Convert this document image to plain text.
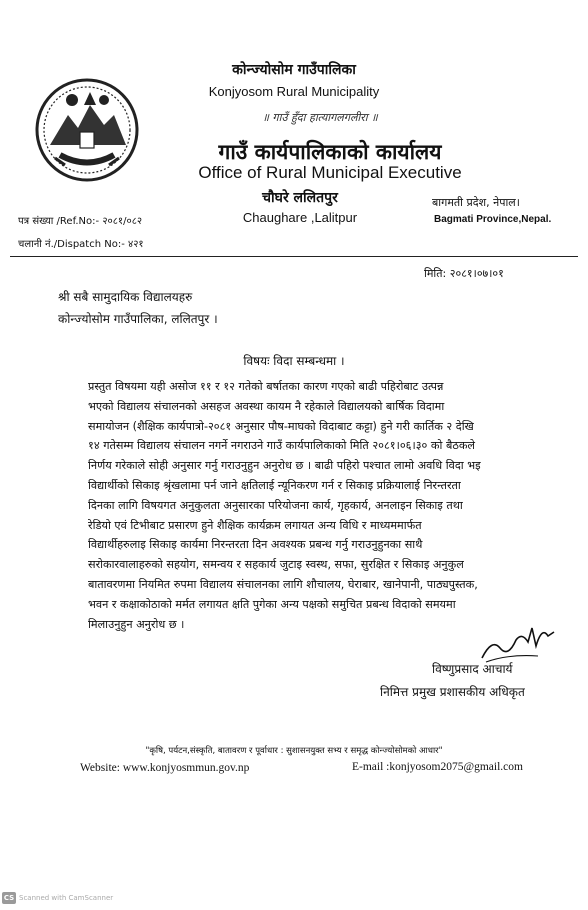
कोन्ज्योसोम गाउँपालिका
Konjyosom Rural Municipality
॥ गाउँ हुँदा हात्यागलगलीरा ॥
गाउँ कार्यपालिकाको कार्यालय
Office of Rural Municipal Executive
चौघरे ललितपुर
Chaughare ,Lalitpur
बागमती प्रदेश, नेपाल।
Bagmati Province,Nepal.
पत्र संख्या /Ref.No:- २०८१/०८२
चलानी नं./Dispatch No:- ४२१
मिति: २०८१।०७।०१
श्री सबै सामुदायिक विद्यालयहरु
कोन्ज्योसोम गाउँपालिका, ललितपुर ।
विषयः विदा सम्बन्धमा ।
प्रस्तुत विषयमा यही असोज ११ र १२ गतेको बर्षातका कारण गएको बाढी पहिरोबाट उत्पन्न
भएको विद्यालय संचालनको असहज अवस्था कायम नै रहेकाले विद्यालयको बार्षिक विदामा
समायोजन (शैक्षिक कार्यपात्रो-२०८१ अनुसार पौष-माघको विदाबाट कट्टा) हुने गरी कार्तिक २ देखि
१४ गतेसम्म विद्यालय संचालन नगर्ने नगराउने गाउँ कार्यपालिकाको मिति २०८१।०६।३० को बैठकले
निर्णय गरेकाले सोही अनुसार गर्नु गराउनुहुन अनुरोध छ । बाढी पहिरो पश्चात लामो अवधि विदा भइ
विद्यार्थीको सिकाइ श्रृंखलामा पर्न जाने क्षतिलाई न्यूनिकरण गर्न र सिकाइ प्रक्रियालाई निरन्तरता
दिनका लागि विषयगत अनुकुलता अनुसारका परियोजना कार्य, गृहकार्य, अनलाइन सिकाइ तथा
रेडियो एवं टिभीबाट प्रसारण हुने शैक्षिक कार्यक्रम लगायत अन्य विधि र माध्यममार्फत
विद्यार्थीहरुलाइ सिकाइ कार्यमा निरन्तरता दिन अवश्यक प्रबन्ध गर्नु गराउनुहुनका साथै
सरोकारवालाहरुको सहयोग, समन्वय र सहकार्य जुटाइ स्वस्थ, सफा, सुरक्षित र सिकाइ अनुकुल
बातावरणमा नियमित रुपमा विद्यालय संचालनका लागि शौचालय, घेराबार, खानेपानी, पाठ्यपुस्तक,
भवन र कक्षाकोठाको मर्मत लगायत क्षति पुगेका अन्य पक्षको समुचित प्रबन्ध विदाको समयमा
मिलाउनुहुन अनुरोध छ ।
विष्णुप्रसाद आचार्य
निमित्त प्रमुख प्रशासकीय अधिकृत
"कृषि, पर्यटन,संस्कृति, बातावरण र पूर्वाधार : सुशासनयुक्त सभ्य र समृद्ध कोन्ज्योसोमको आधार"
Website: www.konjyosmmun.gov.np	E-mail :konjyosom2075@gmail.com
CS Scanned with CamScanner
